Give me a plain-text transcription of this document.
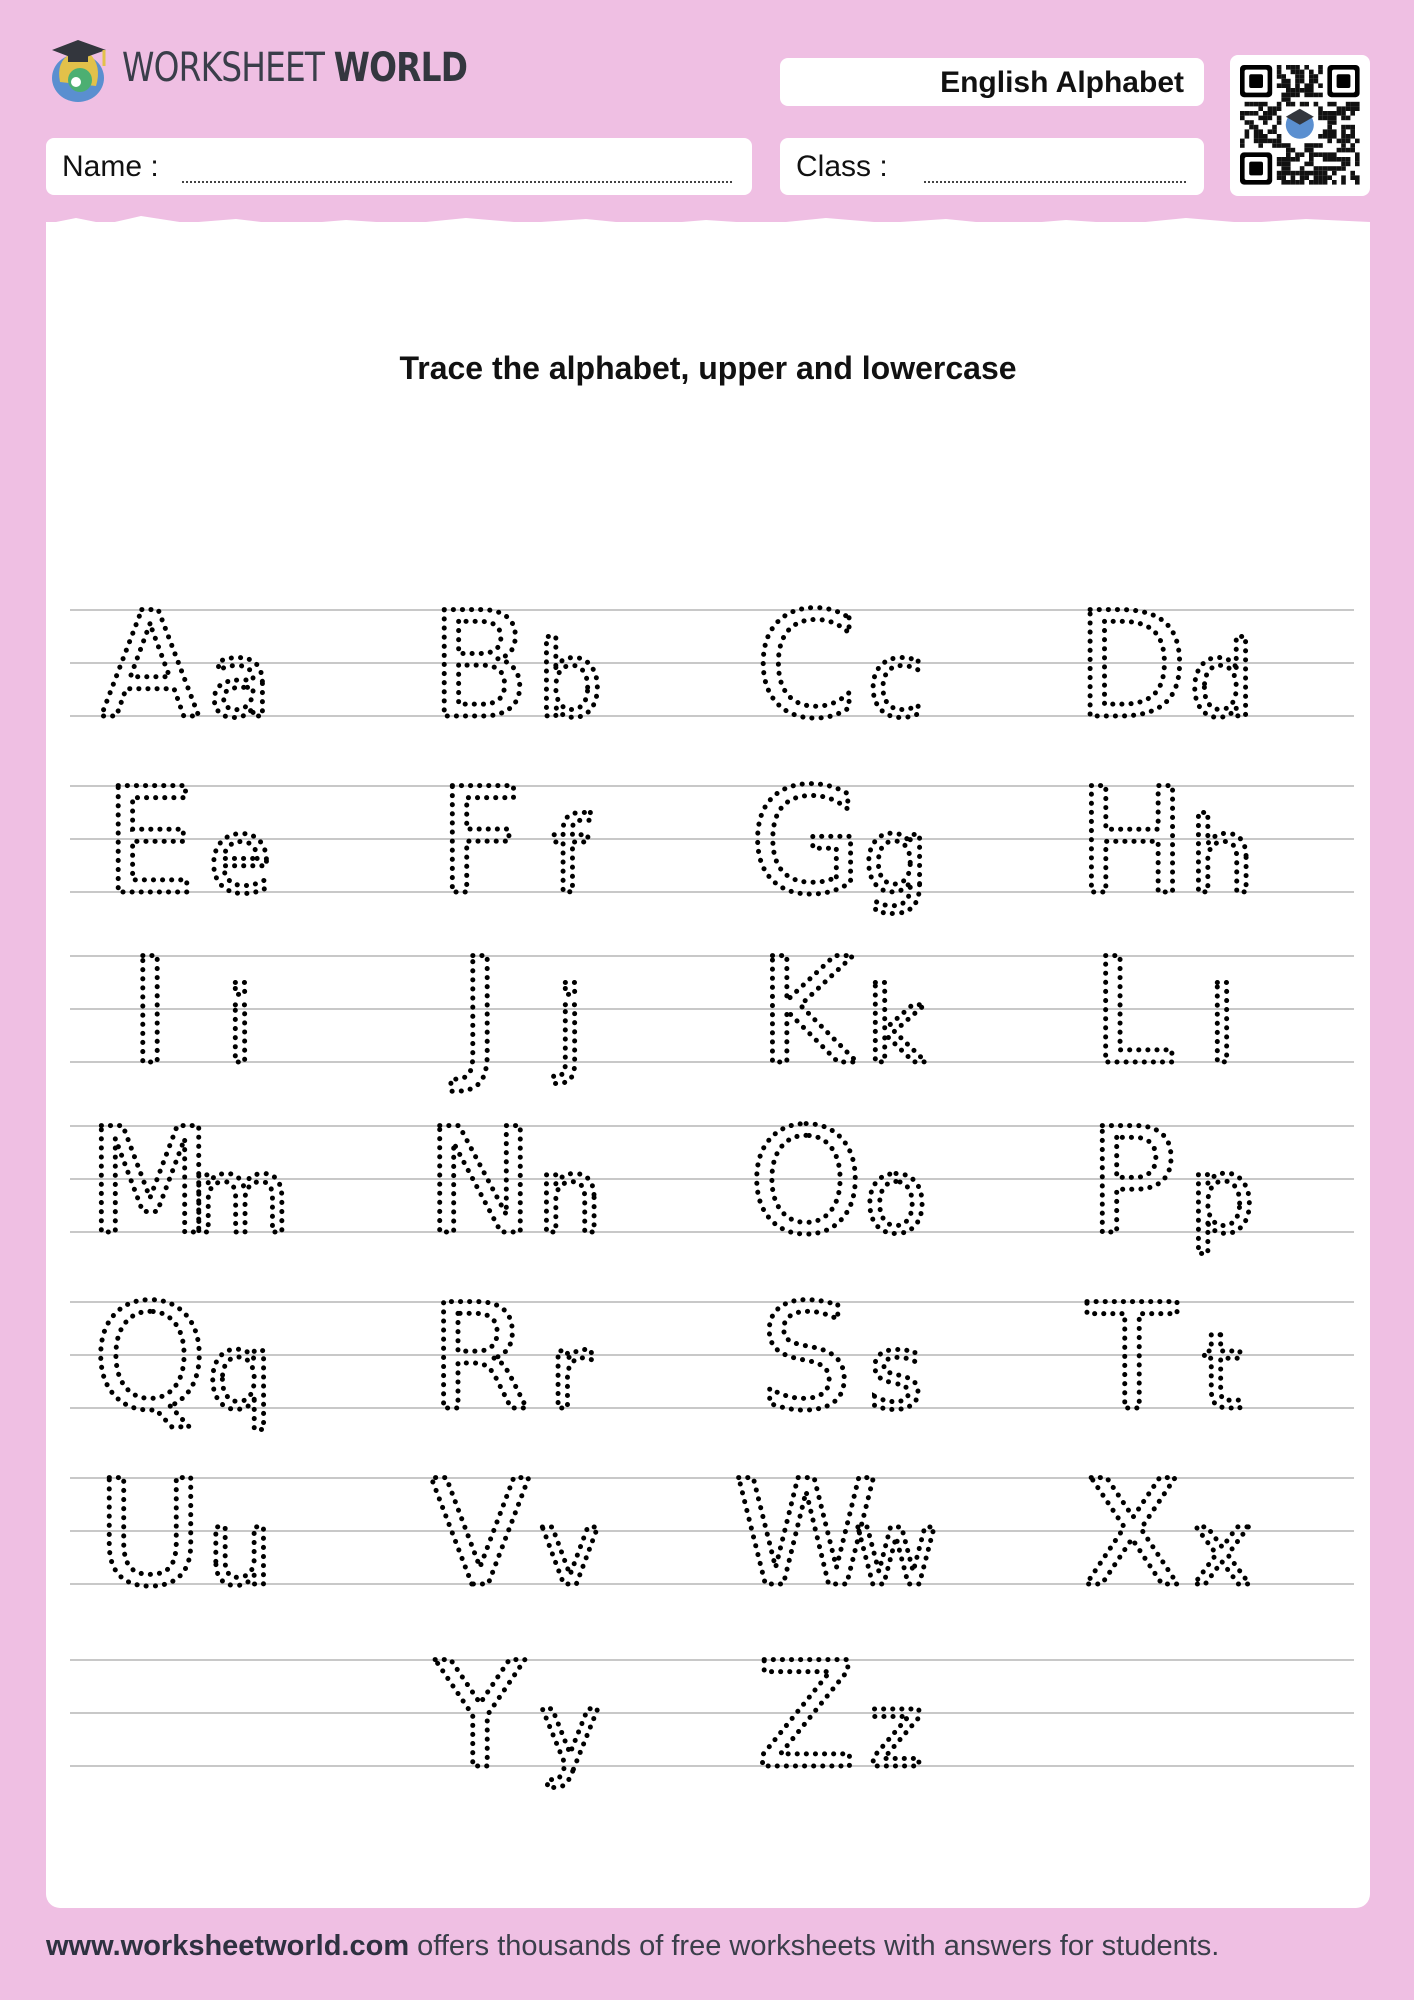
WORKSHEET WORLD	English Alphabet
Name :	Class :
Trace the alphabet, upper and lowercase
A a B b C c D d
E e F f G g H h
I i J j K k L l
M
m N n O o P p
Q q R r S s T t
U u V v W
w X x
Y y Z z
www.worksheetworld.com offers thousands of free worksheets with answers for students.
